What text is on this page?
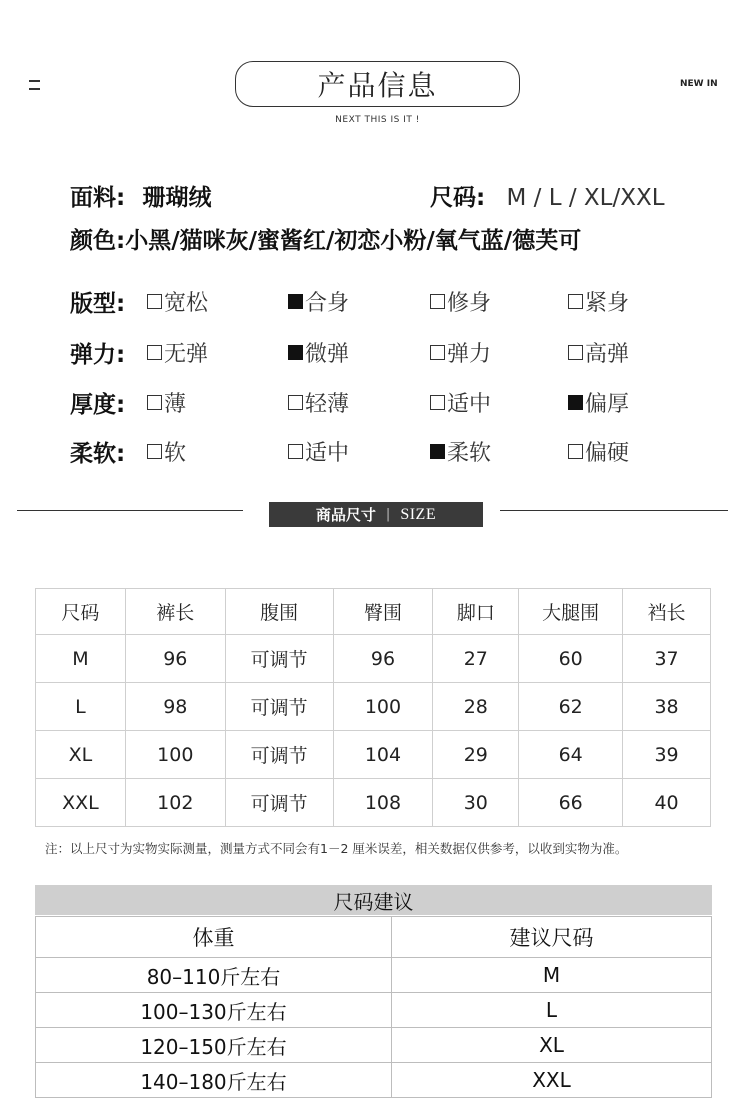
产品信息
NEXT THIS IS IT !
NEW IN
面料: 珊瑚绒	尺码: M / L / XL/XXL
颜色:小黑/猫咪灰/蜜酱红/初恋小粉/氧气蓝/德芙可
版型: 宽松	合身	修身	紧身
弹力: 无弹	微弹	弹力	高弹
厚度: 薄	轻薄	适中	偏厚
柔软: 软	适中	柔软	偏硬
商品尺寸 | SIZE
尺码	裤长	腹围	臀围	脚口	大腿围	裆长
M	96	可调节	96	27	60	37
L	98	可调节	100	28	62	38
XL	100	可调节	104	29	64	39
XXL	102	可调节	108	30	66	40
注：以上尺寸为实物实际测量，测量方式不同会有1－2 厘米误差，相关数据仅供参考，以收到实物为准。
尺码建议
体重	建议尺码
80–110斤左右	M
100–130斤左右	L
120–150斤左右	XL
140–180斤左右	XXL
